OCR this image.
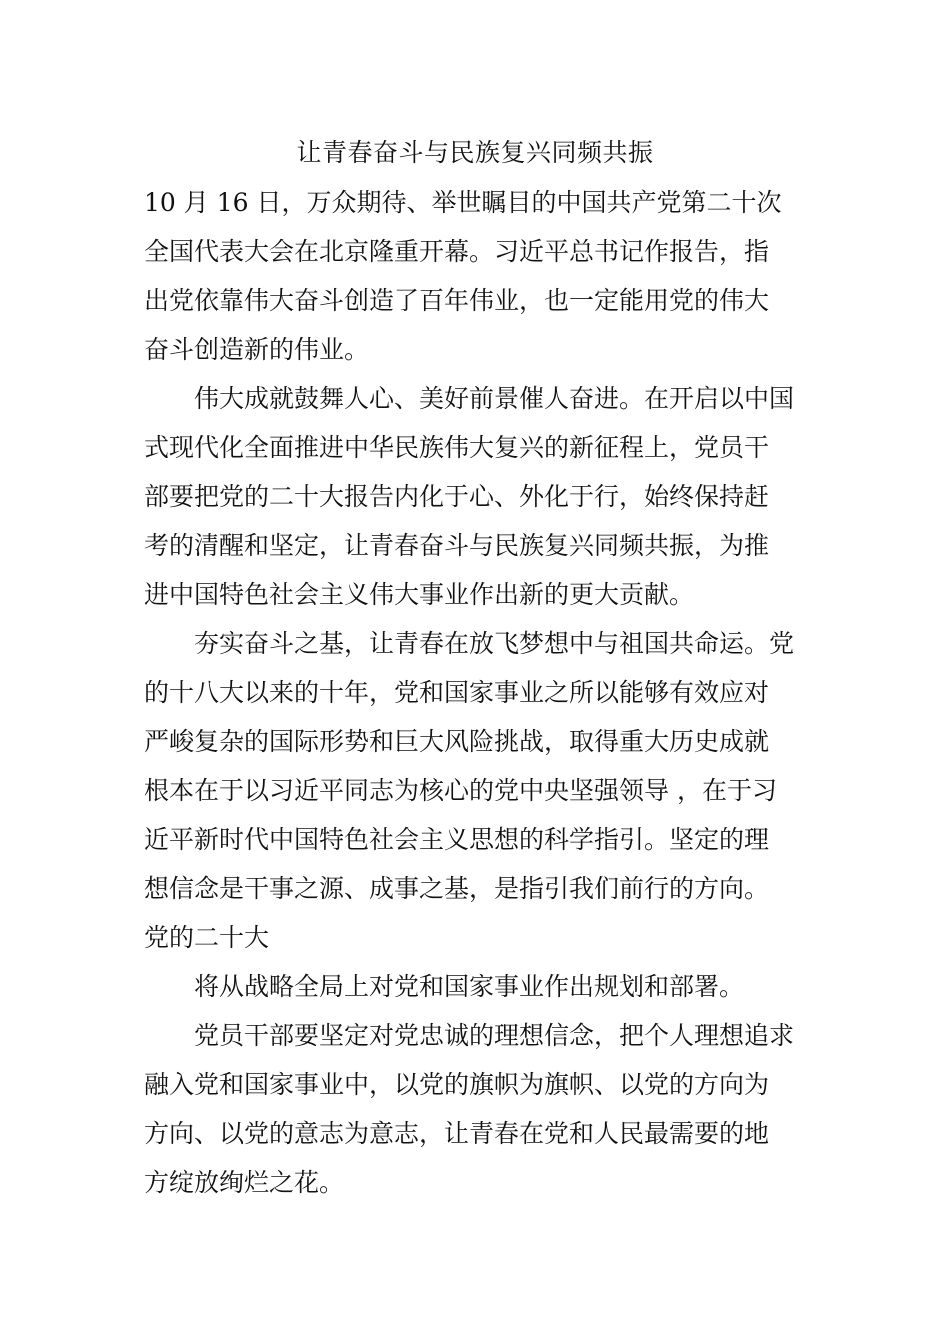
让青春奋斗与民族复兴同频共振
10 月 16 日，万众期待、举世瞩目的中国共产党第二十次
全国代表大会在北京隆重开幕。习近平总书记作报告，指
出党依靠伟大奋斗创造了百年伟业，也一定能用党的伟大
奋斗创造新的伟业。
伟大成就鼓舞人心、美好前景催人奋进。在开启以中国
式现代化全面推进中华民族伟大复兴的新征程上，党员干
部要把党的二十大报告内化于心、外化于行，始终保持赶
考的清醒和坚定，让青春奋斗与民族复兴同频共振，为推
进中国特色社会主义伟大事业作出新的更大贡献。
夯实奋斗之基，让青春在放飞梦想中与祖国共命运。党
的十八大以来的十年，党和国家事业之所以能够有效应对
严峻复杂的国际形势和巨大风险挑战，取得重大历史成就
根本在于以习近平同志为核心的党中央坚强领导 ，在于习
近平新时代中国特色社会主义思想的科学指引。坚定的理
想信念是干事之源、成事之基，是指引我们前行的方向。
党的二十大
将从战略全局上对党和国家事业作出规划和部署。
党员干部要坚定对党忠诚的理想信念，把个人理想追求
融入党和国家事业中，以党的旗帜为旗帜、以党的方向为
方向、以党的意志为意志，让青春在党和人民最需要的地
方绽放绚烂之花。
